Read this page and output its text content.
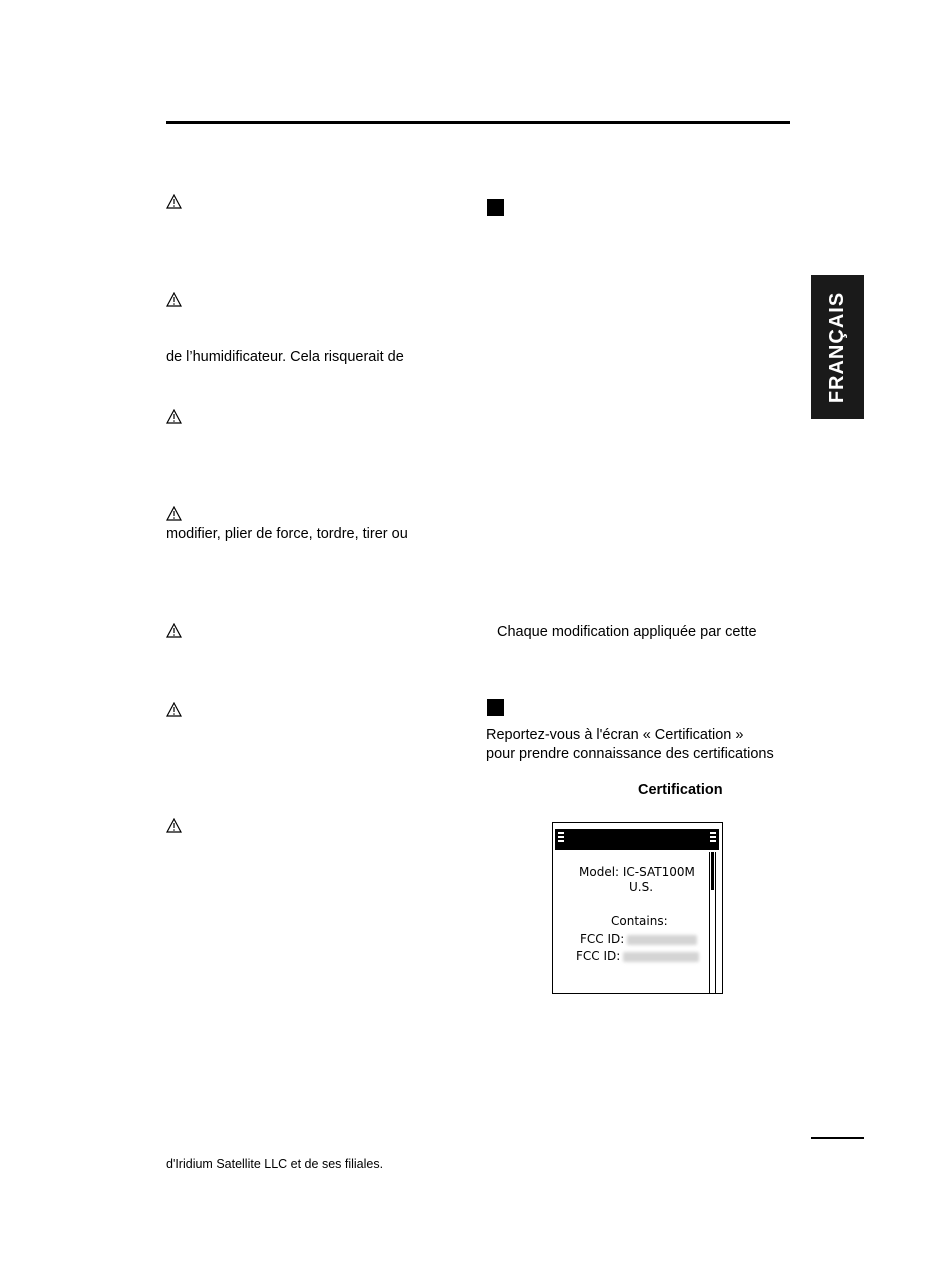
de l’humidificateur. Cela risquerait de
modifier, plier de force, tordre, tirer ou
Chaque modification appliquée par cette
Reportez-vous à l'écran « Certification »
pour prendre connaissance des certifications
Certification
Model: IC-SAT100M
U.S.
Contains:
FCC ID:
FCC ID:
FRANÇAIS
d'Iridium Satellite LLC et de ses filiales.
